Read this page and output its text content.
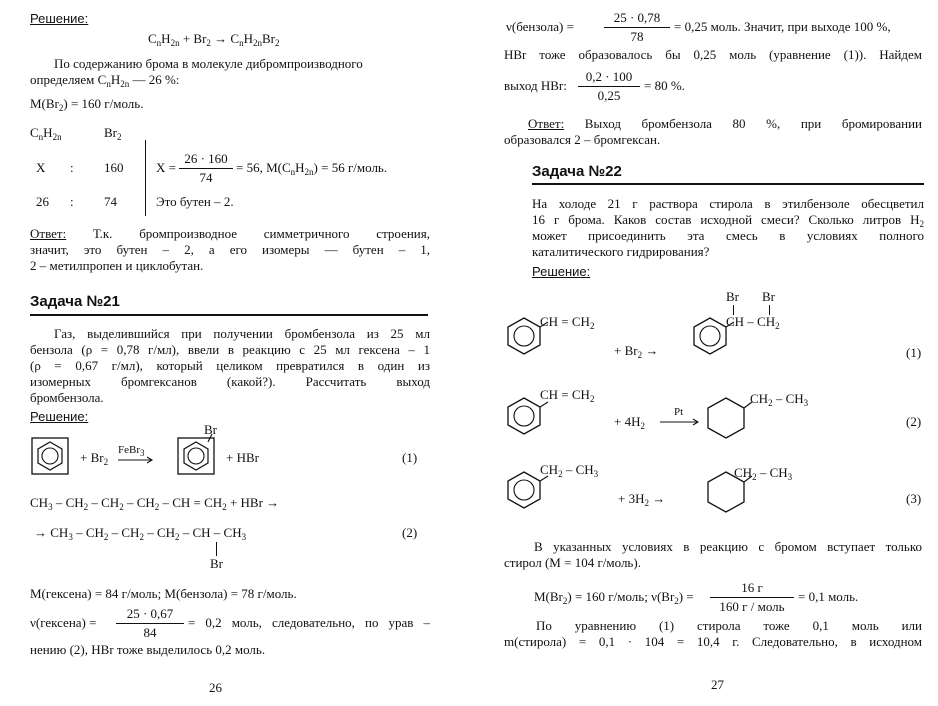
Решение:
$C_nH_{2n} + Br_2 \to C_nH_{2n}Br_2$
По содержанию брома в молекуле дибромпроизводного
определяем $C_nH_{2n}$ — 26 %:
$M(Br_2) = 160$ г/моль.
$C_nH_{2n}$	$Br_2$
X : 160
26 : 74
X =
26 · 160
74
= 56, $M(C_nH_{2n}) = 56$ г/моль.
Это бутен – 2.
Ответ: Т.к. бромпроизводное симметричного строения,
значит, это бутен – 2, а его изомеры — бутен – 1,
2 – метилпропен и циклобутан.
Задача №21
Газ, выделившийся при получении бромбензола из 25 мл
бензола (ρ = 0,78 г/мл), ввели в реакцию с 25 мл гексена – 1
(ρ = 0,67 г/мл), который целиком превратился в один из
изомерных бромгексанов (какой?). Рассчитать выход
бромбензола.
Решение:
+ $Br_2$
FeBr$_3$
Br
+ HBr	(1)
$CH_3 - CH_2 - CH_2 - CH_2$ – CH = $CH_2$ + HBr →
→ $CH_3 - CH_2 - CH_2 - CH_2$ – CH – $CH_3$
Br
(2)
M(гексена) = 84 г/моль; M(бензола) = 78 г/моль.
ν(гексена) =
25 · 0,67
84
= 0,2 моль, следовательно, по урав –
нению (2), HBr тоже выделилось 0,2 моль.
26
ν(бензола) =
25 · 0,78
78
= 0,25 моль. Значит, при выходе 100 %,
HBr тоже образовалось бы 0,25 моль (уравнение (1)). Найдем
выход HBr:
0,2 · 100
0,25
= 80 %.
Ответ: Выход бромбензола 80 %, при бромировании
образовался 2 – бромгексан.
Задача №22
На холоде 21 г раствора стирола в этилбензоле обесцветил
16 г брома. Каков состав исходной смеси? Сколько литров $H_2$
может присоединить эта смесь в условиях полного
каталитического гидрирования?
Решение:
CH = $CH_2$
+ $Br_2$ →
Br Br
CH – $CH_2$
(1)
CH = $CH_2$
+ $4H_2$
Pt
$CH_2 - CH_3$
(2)
$CH_2 - CH_3$
+ $3H_2$ →
$CH_2 - CH_3$
(3)
В указанных условиях в реакцию с бромом вступает только
стирол (M = 104 г/моль).
$M(Br_2) = 160$ г/моль; $\nu(Br_2)$ =
16 г
160 г / моль
= 0,1 моль.
По уравнению (1) стирола тоже 0,1 моль или
m(стирола) = 0,1 · 104 = 10,4 г. Следовательно, в исходном
27
